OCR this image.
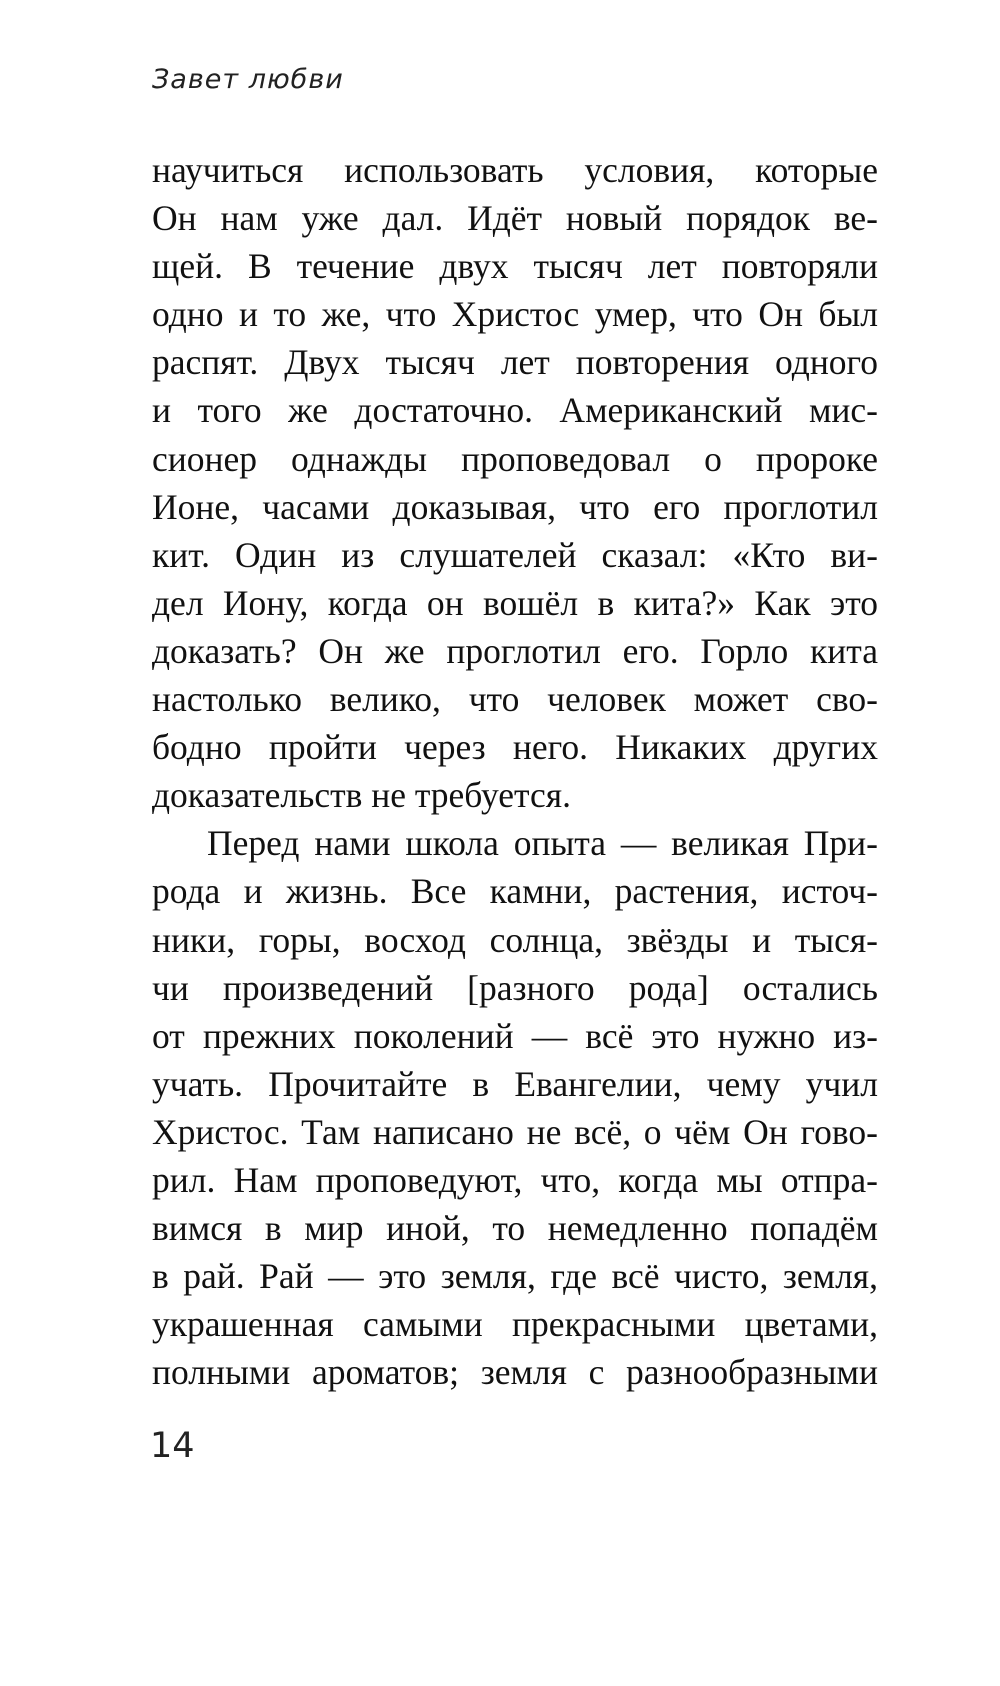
Завет любви
научиться использовать условия, которые
Он нам уже дал. Идёт новый порядок ве-
щей. В течение двух тысяч лет повторяли
одно и то же, что Христос умер, что Он был
распят. Двух тысяч лет повторения одного
и того же достаточно. Американский мис-
сионер однажды проповедовал о пророке
Ионе, часами доказывая, что его проглотил
кит. Один из слушателей сказал: «Кто ви-
дел Иону, когда он вошёл в кита?» Как это
доказать? Он же проглотил его. Горло кита
настолько велико, что человек может сво-
бодно пройти через него. Никаких других
доказательств не требуется.
Перед нами школа опыта — великая При-
рода и жизнь. Все камни, растения, источ-
ники, горы, восход солнца, звёзды и тыся-
чи произведений [разного рода] остались
от прежних поколений — всё это нужно из-
учать. Прочитайте в Евангелии, чему учил
Христос. Там написано не всё, о чём Он гово-
рил. Нам проповедуют, что, когда мы отпра-
вимся в мир иной, то немедленно попадём
в рай. Рай — это земля, где всё чисто, земля,
украшенная самыми прекрасными цветами,
полными ароматов; земля с разнообразными
14
